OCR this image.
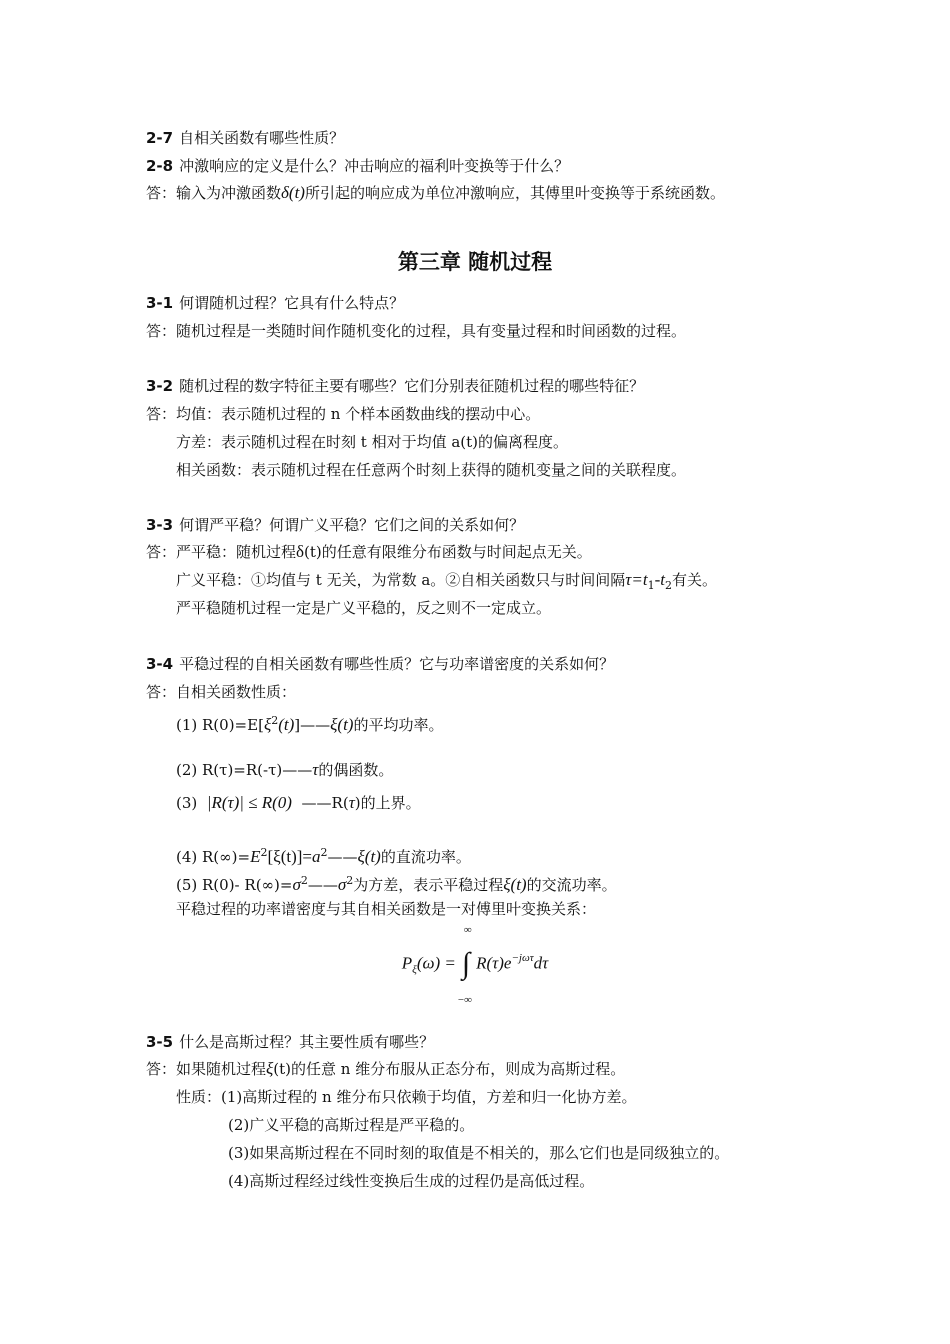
2-7 自相关函数有哪些性质？
2-8 冲激响应的定义是什么？冲击响应的福利叶变换等于什么？
答：输入为冲激函数δ(t)所引起的响应成为单位冲激响应，其傅里叶变换等于系统函数。
第三章 随机过程
3-1 何谓随机过程？它具有什么特点？
答：随机过程是一类随时间作随机变化的过程，具有变量过程和时间函数的过程。
3-2 随机过程的数字特征主要有哪些？它们分别表征随机过程的哪些特征？
答：均值：表示随机过程的 n 个样本函数曲线的摆动中心。
方差：表示随机过程在时刻 t 相对于均值 a(t)的偏离程度。
相关函数：表示随机过程在任意两个时刻上获得的随机变量之间的关联程度。
3-3 何谓严平稳？何谓广义平稳？它们之间的关系如何？
答：严平稳：随机过程δ(t)的任意有限维分布函数与时间起点无关。
广义平稳：①均值与 t 无关，为常数 a。②自相关函数只与时间间隔$\tau=t_1-t_2$有关。
严平稳随机过程一定是广义平稳的，反之则不一定成立。
3-4 平稳过程的自相关函数有哪些性质？它与功率谱密度的关系如何？
答：自相关函数性质：
(1) $R(0)=E[\xi^2(t)]——\xi(t)$的平均功率。
(2) R(τ)=R(-τ)——τ的偶函数。
(3) |R(τ)| ≤ R(0) ——R(τ)的上界。
(4) $R(\infty)=E^2[\xi(t)]=a^2——\xi(t)$的直流功率。
(5) R(0)- $R(\infty)=\sigma^2——\sigma^2$为方差，表示平稳过程ξ(t)的交流功率。
平稳过程的功率谱密度与其自相关函数是一对傅里叶变换关系：
$P_\xi(\omega)$ = ∫
∞
−∞
$R(\tau)e^{-j\omega\tau}d\tau$
3-5 什么是高斯过程？其主要性质有哪些？
答：如果随机过程ξ(t)的任意 n 维分布服从正态分布，则成为高斯过程。
性质：(1)高斯过程的 n 维分布只依赖于均值，方差和归一化协方差。
(2)广义平稳的高斯过程是严平稳的。
(3)如果高斯过程在不同时刻的取值是不相关的，那么它们也是同级独立的。
(4)高斯过程经过线性变换后生成的过程仍是高低过程。
